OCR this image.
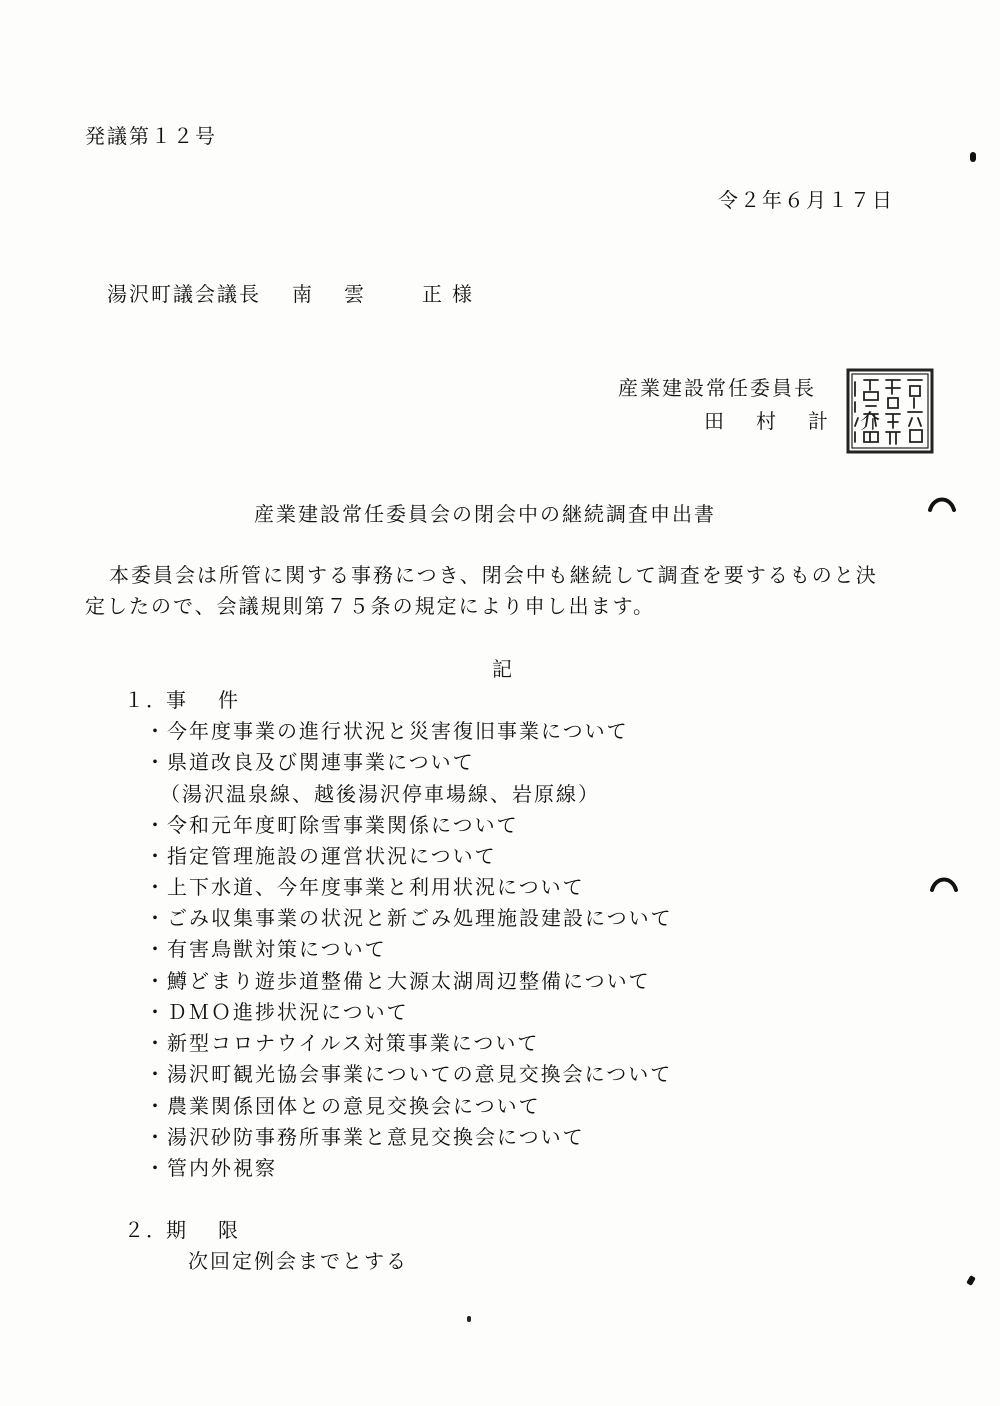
発議第１２号
令２年６月１７日
湯沢町議会議長 南　雲　　正 様
産業建設常任委員長
田　村　計　介
産業建設常任委員会の閉会中の継続調査申出書
本委員会は所管に関する事務につき、閉会中も継続して調査を要するものと決
定したので、会議規則第７５条の規定により申し出ます。
記
１．
事　件
・今年度事業の進行状況と災害復旧事業について
・県道改良及び関連事業について
（湯沢温泉線、越後湯沢停車場線、岩原線）
・令和元年度町除雪事業関係について
・指定管理施設の運営状況について
・上下水道、今年度事業と利用状況について
・ごみ収集事業の状況と新ごみ処理施設建設について
・有害鳥獣対策について
・鱒どまり遊歩道整備と大源太湖周辺整備について
・ＤＭＯ進捗状況について
・新型コロナウイルス対策事業について
・湯沢町観光協会事業についての意見交換会について
・農業関係団体との意見交換会について
・湯沢砂防事務所事業と意見交換会について
・管内外視察
２．
期　限
次回定例会までとする
